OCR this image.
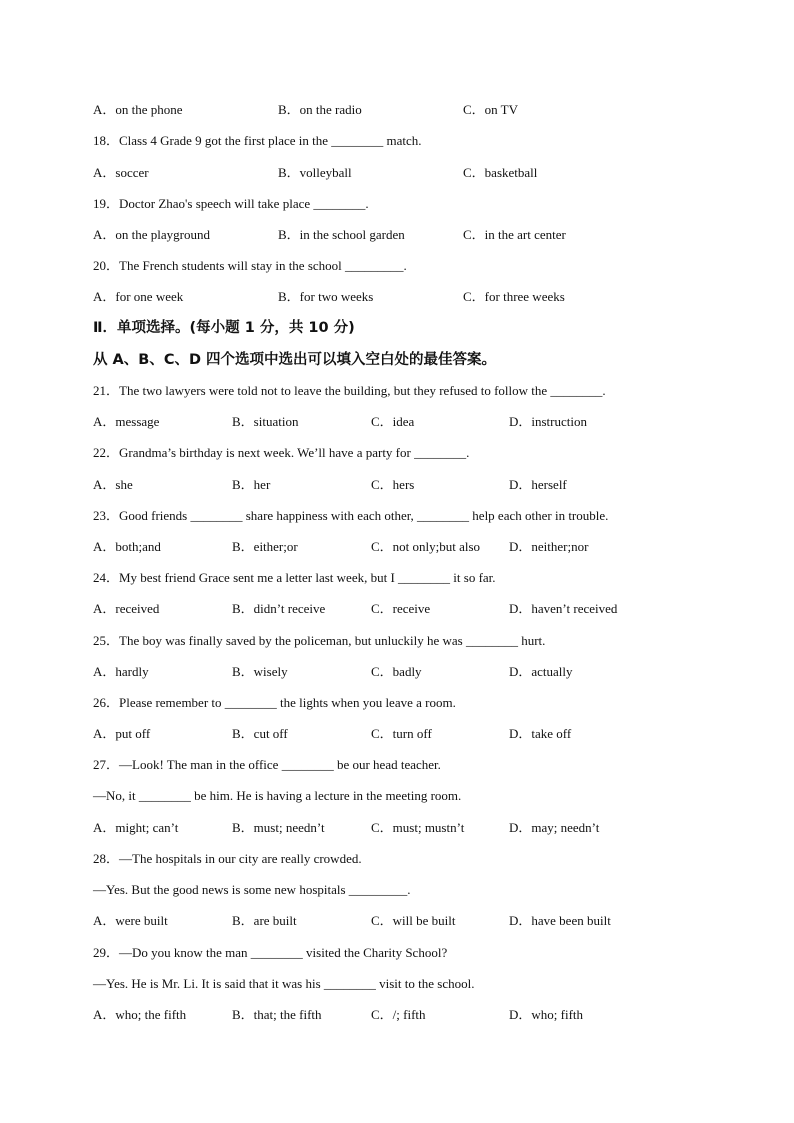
A．on the phone	B．on the radio	C．on TV
18．Class 4 Grade 9 got the first place in the ________ match.
A．soccer	B．volleyball	C．basketball
19．Doctor Zhao's speech will take place ________.
A．on the playground	B．in the school garden	C．in the art center
20．The French students will stay in the school _________.
A．for one week	B．for two weeks	C．for three weeks
Ⅱ．单项选择。(每小题 1 分，共 10 分)
从 A、B、C、D 四个选项中选出可以填入空白处的最佳答案。
21．The two lawyers were told not to leave the building, but they refused to follow the ________.
A．message	B．situation	C．idea	D．instruction
22．Grandma’s birthday is next week. We’ll have a party for ________.
A．she	B．her	C．hers	D．herself
23．Good friends ________ share happiness with each other, ________ help each other in trouble.
A．both;and	B．either;or	C．not only;but also D．neither;nor
24．My best friend Grace sent me a letter last week, but I ________ it so far.
A．received	B．didn’t receive	C．receive	D．haven’t received
25．The boy was finally saved by the policeman, but unluckily he was ________ hurt.
A．hardly	B．wisely	C．badly	D．actually
26．Please remember to ________ the lights when you leave a room.
A．put off	B．cut off	C．turn off	D．take off
27．—Look! The man in the office ________ be our head teacher.
—No, it ________ be him. He is having a lecture in the meeting room.
A．might; can’t	B．must; needn’t	C．must; mustn’t	D．may; needn’t
28．—The hospitals in our city are really crowded.
—Yes. But the good news is some new hospitals _________.
A．were built	B．are built	C．will be built	D．have been built
29．—Do you know the man ________ visited the Charity School?
—Yes. He is Mr. Li. It is said that it was his ________ visit to the school.
A．who; the fifth	B．that; the fifth	C．/; fifth	D．who; fifth
